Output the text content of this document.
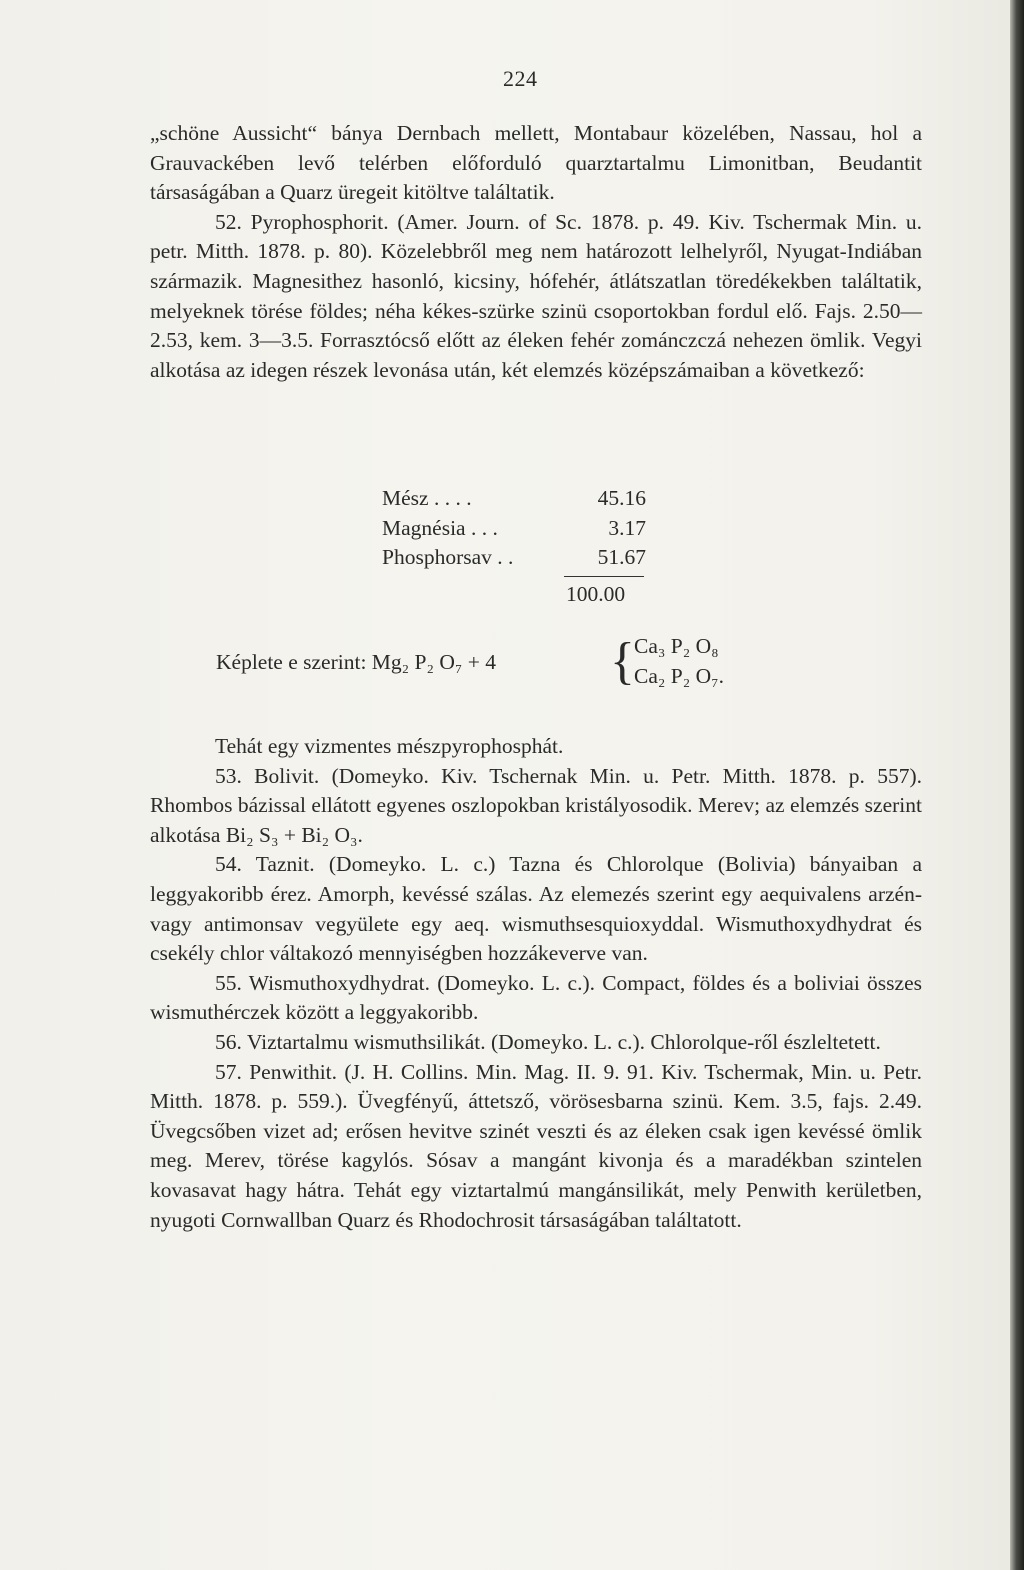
224

„schöne Aussicht“ bánya Dernbach mellett, Montabaur közelében, Nassau, hol a Grauvackében levő telérben előforduló quarztartalmu Limonitban, Beudantit társaságában a Quarz üregeit kitöltve találtatik.

52. Pyrophosphorit. (Amer. Journ. of Sc. 1878. p. 49. Kiv. Tschermak Min. u. petr. Mitth. 1878. p. 80). Közelebbről meg nem határozott lelhelyről, Nyugat-Indiában származik. Magnesithez hasonló, kicsiny, hófehér, átlátszatlan töredékekben találtatik, melyeknek törése földes; néha kékes-szürke szinü csoportokban fordul elő. Fajs. 2.50—2.53, kem. 3—3.5. Forrasztócső előtt az éleken fehér zománczczá nehezen ömlik. Vegyi alkotása az idegen részek levonása után, két elemzés középszámaiban a következő:

Mész . . . .	45.16
Magnésia . . .	3.17
Phosphorsav . .	51.67
100.00
Képlete e szerint: Mg₂ P₂ O₇ + 4 { Ca₃ P₂ O₈
Ca₂ P₂ O₇.

Tehát egy vizmentes mészpyrophosphát.

53. Bolivit. (Domeyko. Kiv. Tschernak Min. u. Petr. Mitth. 1878. p. 557). Rhombos bázissal ellátott egyenes oszlopokban kristályosodik. Merev; az elemzés szerint alkotása Bi₂ S₃ + Bi₂ O₃.

54. Taznit. (Domeyko. L. c.) Tazna és Chlorolque (Bolivia) bányaiban a leggyakoribb érez. Amorph, kevéssé szálas. Az elemezés szerint egy aequivalens arzén- vagy antimonsav vegyülete egy aeq. wismuthsesquioxyddal. Wismuthoxydhydrat és csekély chlor váltakozó mennyiségben hozzákeverve van.

55. Wismuthoxydhydrat. (Domeyko. L. c.). Compact, földes és a boliviai összes wismuthérczek között a leggyakoribb.

56. Viztartalmu wismuthsilikát. (Domeyko. L. c.). Chlorolque-ről észleltetett.

57. Penwithit. (J. H. Collins. Min. Mag. II. 9. 91. Kiv. Tschermak, Min. u. Petr. Mitth. 1878. p. 559.). Üvegfényű, áttetsző, vörösesbarna szinü. Kem. 3.5, fajs. 2.49. Üvegcsőben vizet ad; erősen hevitve szinét veszti és az éleken csak igen kevéssé ömlik meg. Merev, törése kagylós. Sósav a mangánt kivonja és a maradékban szintelen kovasavat hagy hátra. Tehát egy viztartalmú mangánsilikát, mely Penwith kerületben, nyugoti Cornwallban Quarz és Rhodochrosit társaságában találtatott.
